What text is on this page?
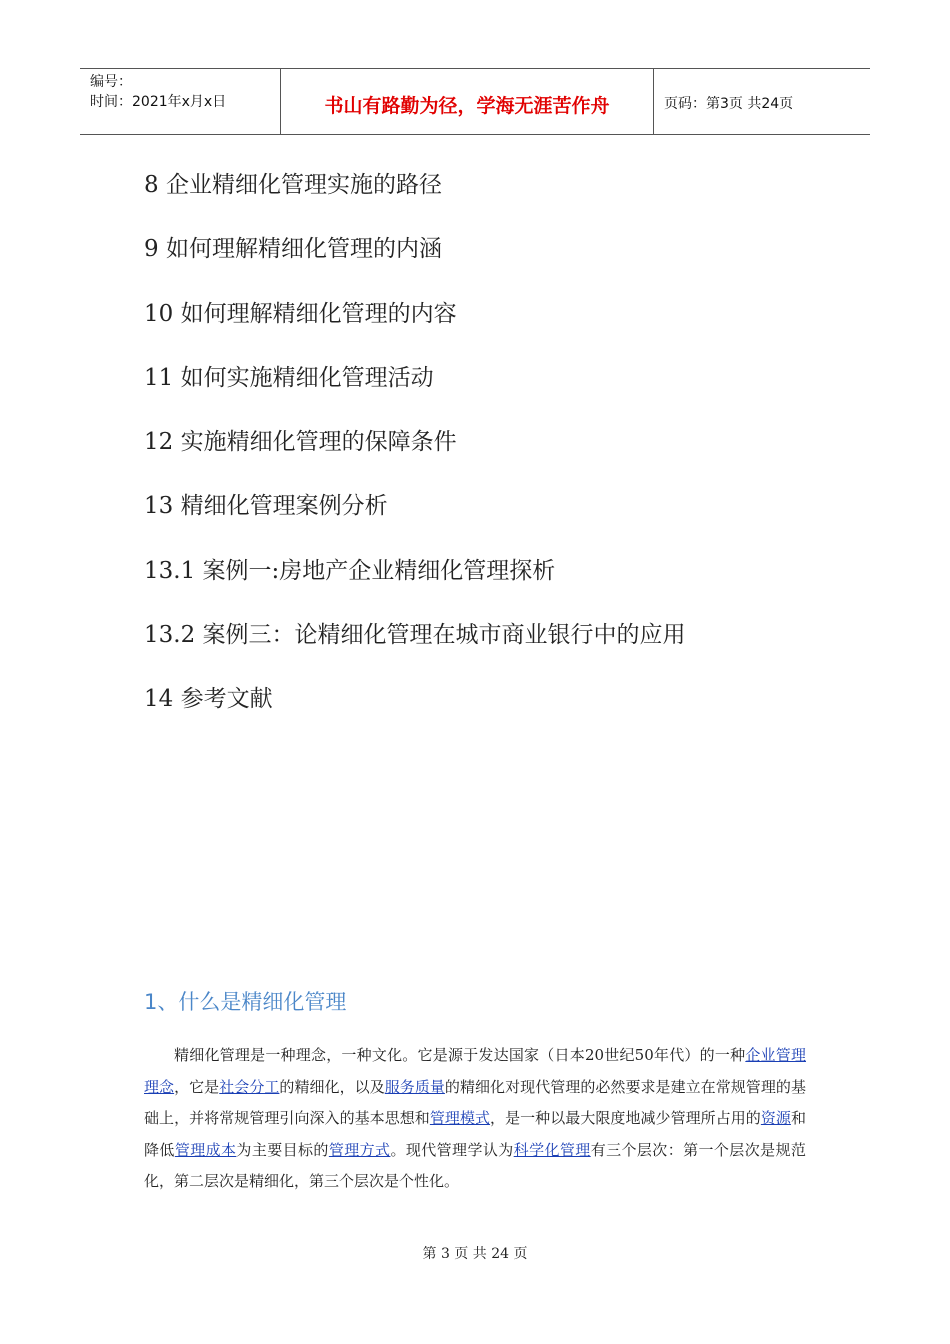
编号：
时间：2021年x月x日	书山有路勤为径，学海无涯苦作舟	页码：第3页 共24页
8 企业精细化管理实施的路径
9 如何理解精细化管理的内涵
10 如何理解精细化管理的内容
11 如何实施精细化管理活动
12 实施精细化管理的保障条件
13 精细化管理案例分析
13.1 案例一:房地产企业精细化管理探析
13.2 案例三：论精细化管理在城市商业银行中的应用
14 参考文献
1、什么是精细化管理

精细化管理是一种理念，一种文化。它是源于发达国家（日本20世纪50年代）的一种企业管理理念，它是社会分工的精细化，以及服务质量的精细化对现代管理的必然要求是建立在常规管理的基础上，并将常规管理引向深入的基本思想和管理模式，是一种以最大限度地减少管理所占用的资源和降低管理成本为主要目标的管理方式。现代管理学认为科学化管理有三个层次：第一个层次是规范化，第二层次是精细化，第三个层次是个性化。

第 3 页 共 24 页
